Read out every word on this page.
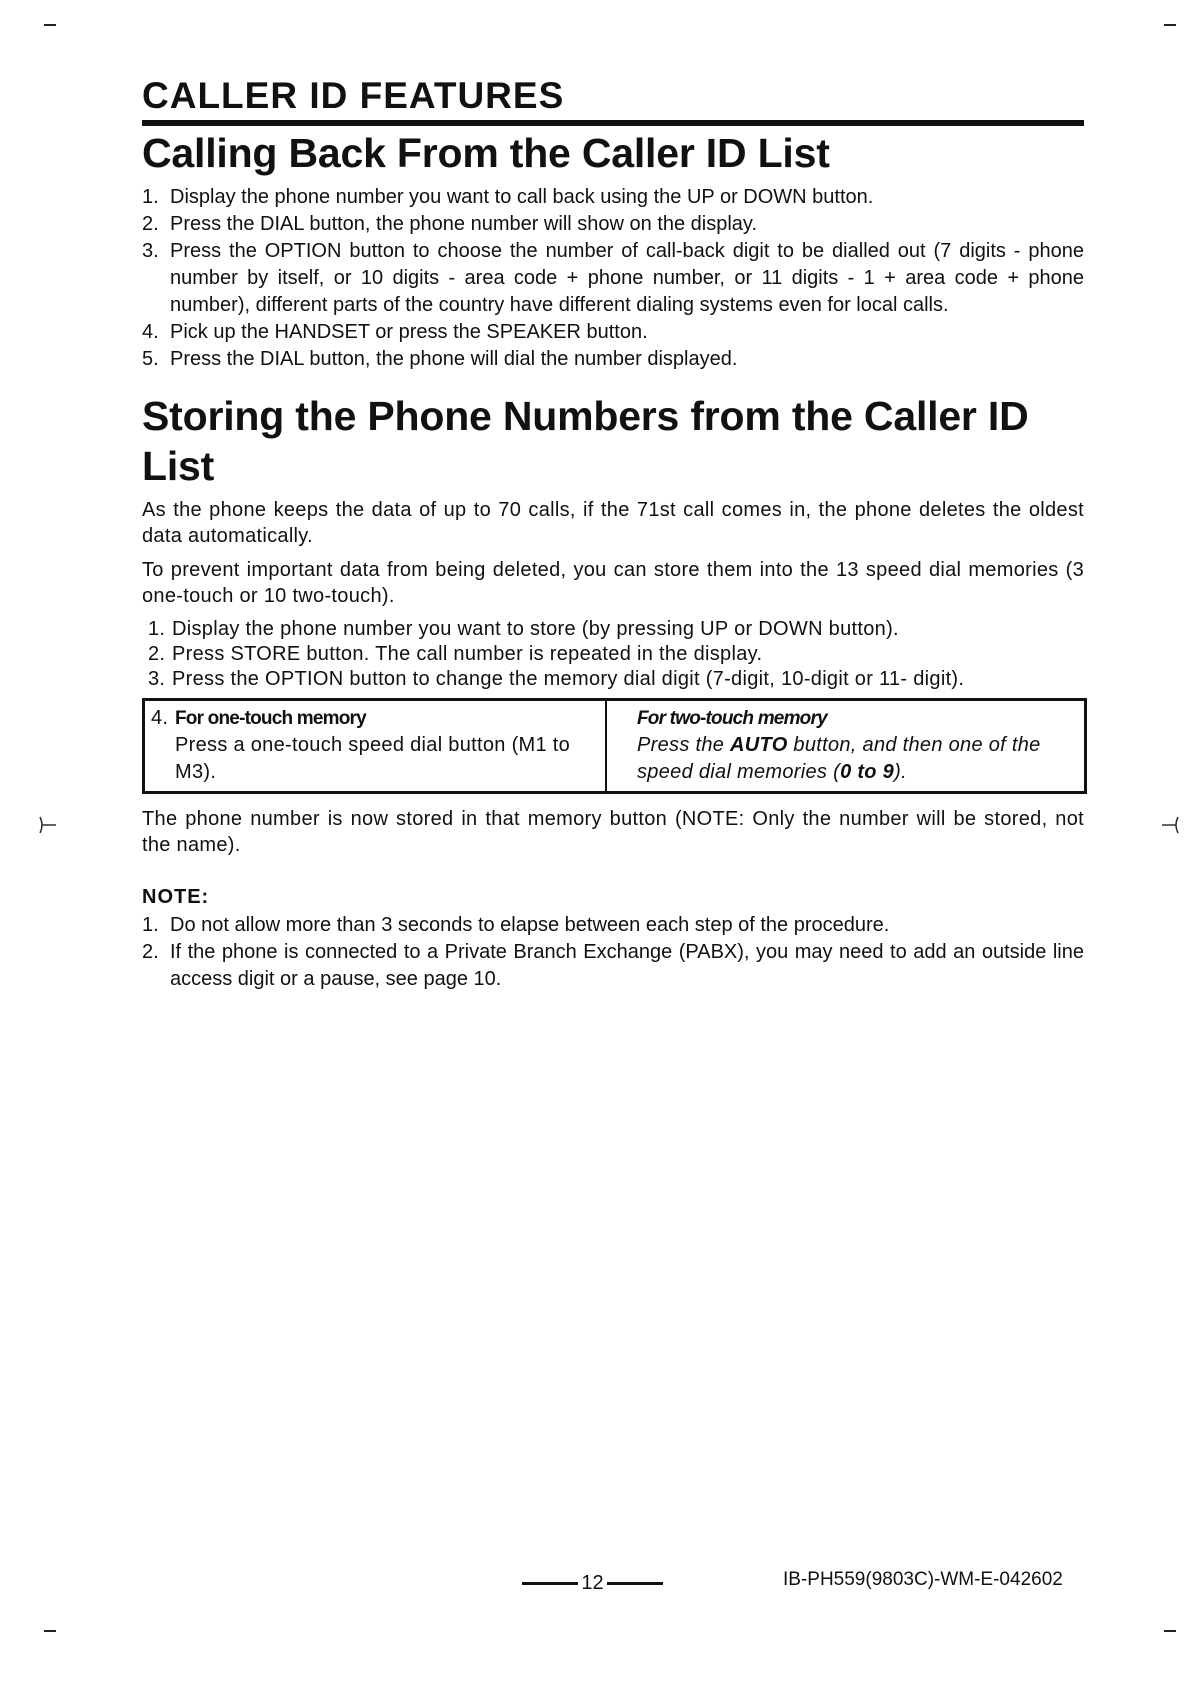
CALLER ID FEATURES
Calling Back From the Caller ID List
1. Display the phone number you want to call back using the UP or DOWN button.
2. Press the DIAL button, the phone number will show on the display.
3. Press the OPTION button to choose the number of call-back digit to be dialled out (7 digits - phone number by itself, or 10 digits - area code + phone number, or 11 digits - 1 + area code + phone number), different parts of the country have different dialing systems even for local calls.
4. Pick up the HANDSET or press the SPEAKER button.
5. Press the DIAL button, the phone will dial the number displayed.
Storing the Phone Numbers from the Caller ID List

As the phone keeps the data of up to 70 calls, if the 71st call comes in, the phone deletes the oldest data automatically.

To prevent important data from being deleted, you can store them into the 13 speed dial memories (3 one-touch or 10 two-touch).

1. Display the phone number you want to store (by pressing UP or DOWN button).
2. Press STORE button. The call number is repeated in the display.
3. Press the OPTION button to change the memory dial digit (7-digit, 10-digit or 11- digit).
4. For one-touch memory
Press a one-touch speed dial button (M1 to M3).
For two-touch memory
Press the AUTO button, and then one of the speed dial memories (0 to 9).

The phone number is now stored in that memory button (NOTE: Only the number will be stored, not the name).

NOTE:
1. Do not allow more than 3 seconds to elapse between each step of the procedure.
2. If the phone is connected to a Private Branch Exchange (PABX), you may need to add an outside line access digit or a pause, see page 10.
12	IB-PH559(9803C)-WM-E-042602
